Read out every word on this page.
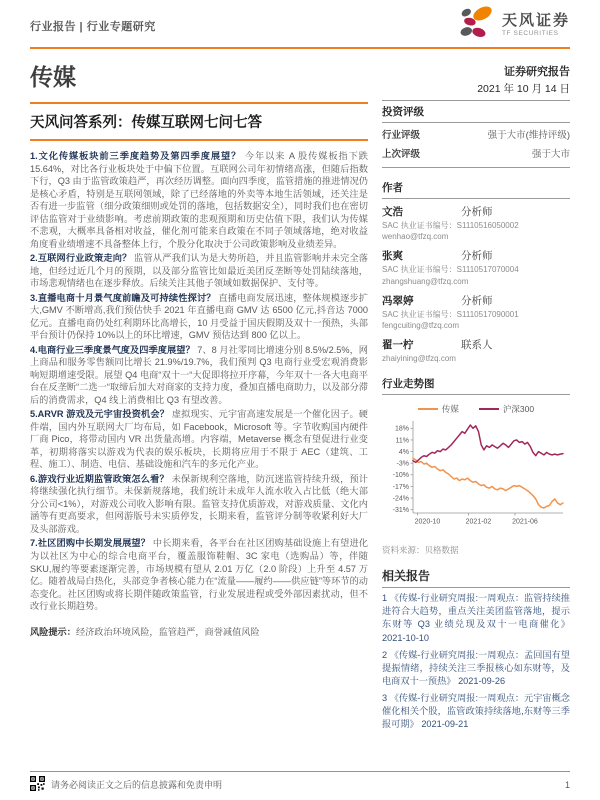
行业报告 | 行业专题研究	天风证券
TF SECURITIES
传媒
天风问答系列：传媒互联网七问七答

1.文化传媒板块前三季度趋势及第四季度展望？ 今年以来 A 股传媒板指下跌15.64%，对比各行业板块处于中偏下位置。互联网公司年初情绪高涨，但随后指数下行，Q3 由于监管政策趋严，再次经历调整。面向四季度，监管措施的推进情况仍是核心矛盾，特别是互联网领域，除了已经落地的外卖等本地生活领域，还关注是否有进一步监管（细分政策细则或处罚的落地，包括数据安全），同时我们也在密切评估监管对于业绩影响。考虑前期政策的悲观预期和历史估值下限，我们认为传媒不悲观，大概率具备相对收益，催化剂可能来自政策在不同子领域落地，绝对收益角度看业绩增速不具备整体上行，个股分化取决于公司政策影响及业绩差异。

2.互联网行业政策走向？ 监管从严我们认为是大势所趋，并且监管影响并未完全落地，但经过近几个月的预期，以及部分监管比如最近美团反垄断等处罚陆续落地，市场悲观情绪也在逐步释放。后续关注其他子领域如数据保护、支付等。

3.直播电商十月景气度前瞻及可持续性探讨？ 直播电商发展迅速，整体规模逐步扩大,GMV 不断增高,我们预估快手 2021 年直播电商 GMV 达 6500 亿元,抖音达 7000 亿元。直播电商仍处红利期环比高增长，10 月受益于国庆假期及双十一预热，头部平台预计仍保持 10%以上的环比增速，GMV 预估达到 800 亿以上。

4.电商行业三季度景气度及四季度展望？ 7、8 月社零同比增速分别 8.5%/2.5%，网上商品和服务零售额同比增长 21.9%/19.7%，我们预判 Q3 电商行业受宏观消费影响短期增速受限。展望 Q4 电商“双十一“大促即将拉开序幕，今年双十一各大电商平台在反垄断“二选一“取缔后加大对商家的支持力度，叠加直播电商助力，以及部分滞后的消费需求，Q4 线上消费相比 Q3 有望改善。

5.ARVR 游戏及元宇宙投资机会？ 虚拟现实、元宇宙高速发展是一个催化因子。硬件端，国内外互联网大厂均布局，如 Facebook，Microsoft 等。字节收购国内硬件厂商 Pico，将带动国内 VR 出货量高增。内容端，Metaverse 概念有望促进行业变革，初期将落实以游戏为代表的娱乐板块，长期将应用于不限于 AEC（建筑、工程、施工）、制造、电信、基础设施和汽车的多元化产业。

6.游戏行业近期监管政策怎么看？ 未保新规利空落地，防沉迷监管持续升级，预计将继续强化执行细节。未保新规落地，我们统计未成年人流水收入占比低（绝大部分公司<1%），对游戏公司收入影响有限。监管支持优质游戏，对游戏质量、文化内涵等有更高要求，但网游版号未实质停发，长期来看，监管评分制等收紧利好大厂及头部游戏。

7.社区团购中长期发展展望？ 中长期来看，各平台在社区团购基础设施上有望进化为以社区为中心的综合电商平台，覆盖服饰鞋帽、3C 家电（选购品）等，伴随 SKU,履约等要素逐渐完善，市场规模有望从 2.01 万亿（2.0 阶段）上升至 4.57 万亿。随着战局白热化，头部竞争者核心能力在“流量——履约——供应链”等环节的动态变化。社区团购或将长期伴随政策监管，行业发展进程或受外部因素扰动，但不改行业长期趋势。

风险提示：经济政治环境风险，监管趋严，商誉减值风险

证券研究报告
2021 年 10 月 14 日
投资评级
行业评级	强于大市(维持评级)
上次评级	强于大市
作者
文浩	分析师
SAC 执业证书编号：S1110516050002
wenhao@tfzq.com
张爽	分析师
SAC 执业证书编号：S1110517070004
zhangshuang@tfzq.com
冯翠婷	分析师
SAC 执业证书编号：S1110517090001
fengcuiting@tfzq.com
翟一柠	联系人
zhaiyining@tfzq.com
行业走势图
传媒	沪深300
18%
11%
4%
-3%
-10%
-17%
-24%
-31%
2020-10	2021-02	2021-06
资料来源：贝格数据
相关报告
1 《传媒-行业研究周报:一周观点：监管持续推进符合大趋势，重点关注美团监管落地，提示东财等 Q3 业绩兑现及双十一电商催化》 2021-10-10
2 《传媒-行业研究周报:一周观点：孟回国有望提振情绪，持续关注三季报核心如东财等，及电商双十一预热》 2021-09-26
3 《传媒-行业研究周报:一周观点：元宇宙概念催化相关个股，监管政策持续落地,东财等三季报可期》 2021-09-21
请务必阅读正文之后的信息披露和免责申明	1
